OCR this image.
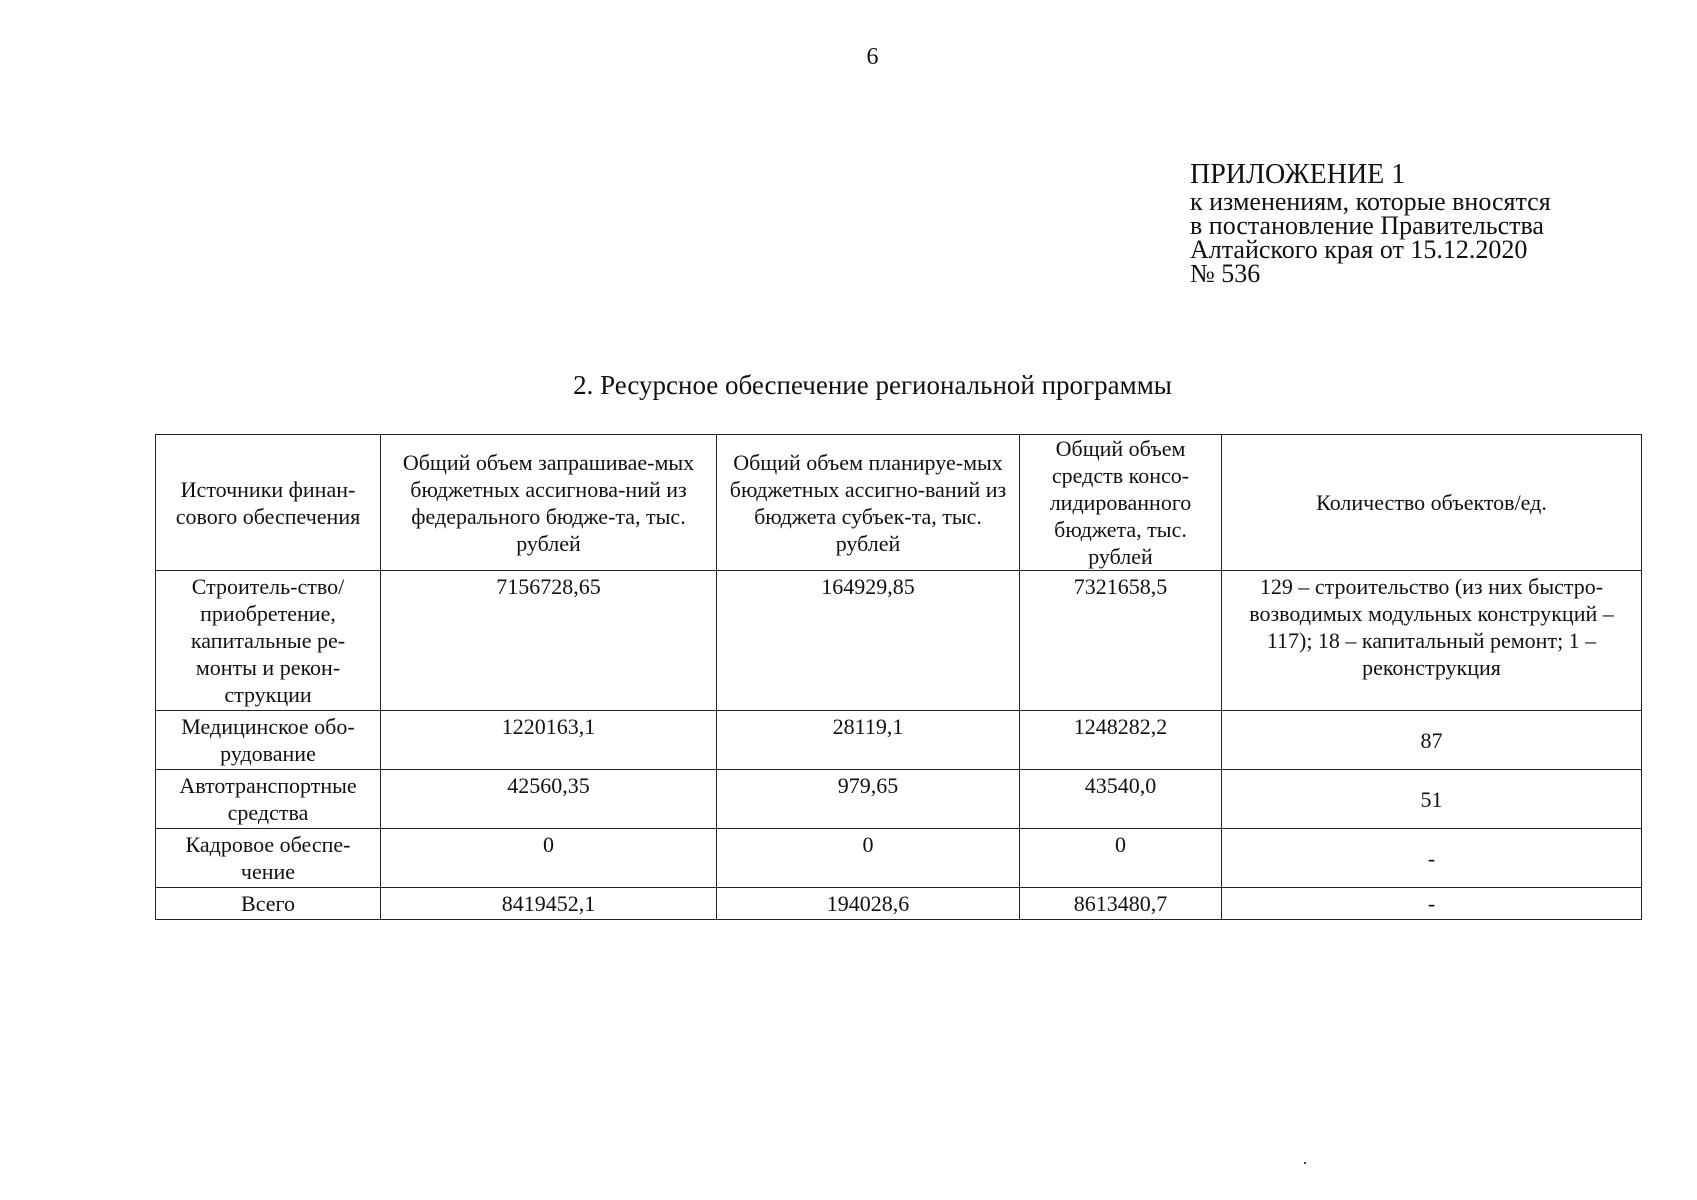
6
ПРИЛОЖЕНИЕ 1
к изменениям, которые вносятся
в постановление Правительства
Алтайского края от 15.12.2020
№ 536
2. Ресурсное обеспечение региональной программы
Источники финан-сового обеспечения	Общий объем запрашивае-мых бюджетных ассигнова-ний из федерального бюдже-та, тыс. рублей	Общий объем планируе-мых бюджетных ассигно-ваний из бюджета субъек-та, тыс. рублей	Общий объем средств консо-лидированного бюджета, тыс. рублей	Количество объектов/ед.
Строитель-ство/приобретение, капитальные ре-монты и рекон-струкции	7156728,65	164929,85	7321658,5	129 – строительство (из них быстро-возводимых модульных конструкций – 117); 18 – капитальный ремонт; 1 – реконструкция
Медицинское обо-рудование	1220163,1	28119,1	1248282,2	87
Автотранспортные средства	42560,35	979,65	43540,0	51
Кадровое обеспе-чение	0	0	0	-
Всего	8419452,1	194028,6	8613480,7	-
